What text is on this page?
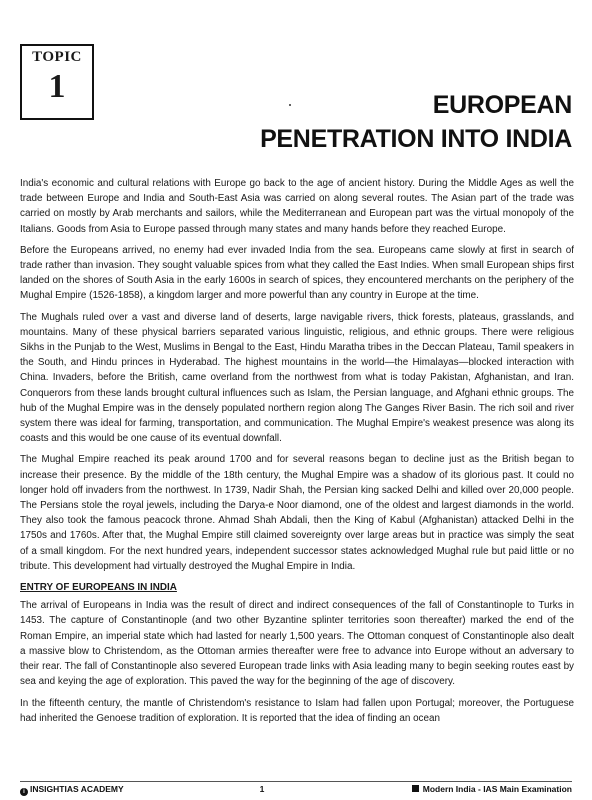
TOPIC
1	EUROPEAN
PENETRATION INTO INDIA

India's economic and cultural relations with Europe go back to the age of ancient history. During the Middle Ages as well the trade between Europe and India and South-East Asia was carried on along several routes. The Asian part of the trade was carried on mostly by Arab merchants and sailors, while the Mediterranean and European part was the virtual monopoly of the Italians. Goods from Asia to Europe passed through many states and many hands before they reached Europe.

Before the Europeans arrived, no enemy had ever invaded India from the sea. Europeans came slowly at first in search of trade rather than invasion. They sought valuable spices from what they called the East Indies. When small European ships first landed on the shores of South Asia in the early 1600s in search of spices, they encountered merchants on the periphery of the Mughal Empire (1526-1858), a kingdom larger and more powerful than any country in Europe at the time.

The Mughals ruled over a vast and diverse land of deserts, large navigable rivers, thick forests, plateaus, grasslands, and mountains. Many of these physical barriers separated various linguistic, religious, and ethnic groups. There were religious Sikhs in the Punjab to the West, Muslims in Bengal to the East, Hindu Maratha tribes in the Deccan Plateau, Tamil speakers in the South, and Hindu princes in Hyderabad. The highest mountains in the world—the Himalayas—blocked interaction with China. Invaders, before the British, came overland from the northwest from what is today Pakistan, Afghanistan, and Iran. Conquerors from these lands brought cultural influences such as Islam, the Persian language, and Afghani ethnic groups. The hub of the Mughal Empire was in the densely populated northern region along The Ganges River Basin. The rich soil and river system there was ideal for farming, transportation, and communication. The Mughal Empire's weakest presence was along its coasts and this would be one cause of its eventual downfall.

The Mughal Empire reached its peak around 1700 and for several reasons began to decline just as the British began to increase their presence. By the middle of the 18th century, the Mughal Empire was a shadow of its glorious past. It could no longer hold off invaders from the northwest. In 1739, Nadir Shah, the Persian king sacked Delhi and killed over 20,000 people. The Persians stole the royal jewels, including the Darya-e Noor diamond, one of the oldest and largest diamonds in the world. They also took the famous peacock throne. Ahmad Shah Abdali, then the King of Kabul (Afghanistan) attacked Delhi in the 1750s and 1760s. After that, the Mughal Empire still claimed sovereignty over large areas but in practice was simply the seat of a small kingdom. For the next hundred years, independent successor states acknowledged Mughal rule but paid little or no tribute. This development had virtually destroyed the Mughal Empire in India.

ENTRY OF EUROPEANS IN INDIA

The arrival of Europeans in India was the result of direct and indirect consequences of the fall of Constantinople to Turks in 1453. The capture of Constantinople (and two other Byzantine splinter territories soon thereafter) marked the end of the Roman Empire, an imperial state which had lasted for nearly 1,500 years. The Ottoman conquest of Constantinople also dealt a massive blow to Christendom, as the Ottoman armies thereafter were free to advance into Europe without an adversary to their rear. The fall of Constantinople also severed European trade links with Asia leading many to begin seeking routes east by sea and keying the age of exploration. This paved the way for the beginning of the age of discovery.

In the fifteenth century, the mantle of Christendom's resistance to Islam had fallen upon Portugal; moreover, the Portuguese had inherited the Genoese tradition of exploration. It is reported that the idea of finding an ocean

i INSIGHTIAS ACADEMY	1	Modern India - IAS Main Examination
